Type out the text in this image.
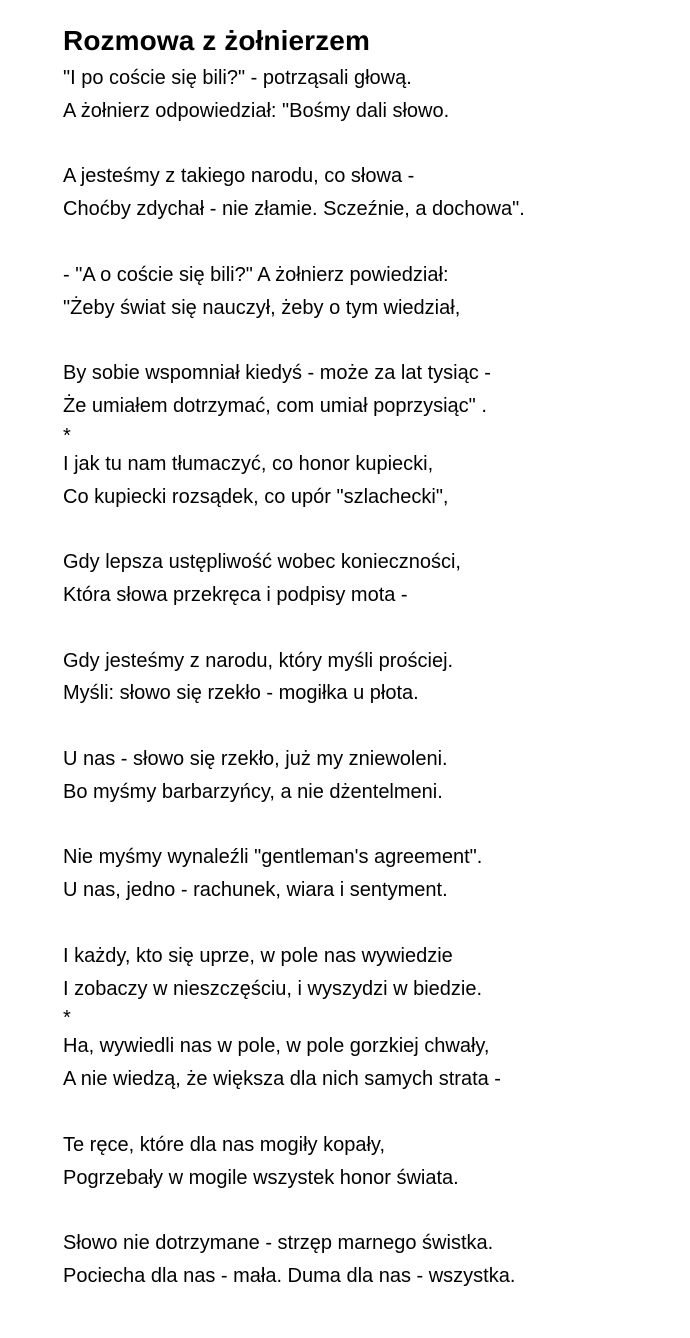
Rozmowa z żołnierzem
"I po coście się bili?" - potrząsali głową.
A żołnierz odpowiedział: "Bośmy dali słowo.
A jesteśmy z takiego narodu, co słowa -
Choćby zdychał - nie złamie. Sczeźnie, a dochowa".
- "A o coście się bili?" A żołnierz powiedział:
"Żeby świat się nauczył, żeby o tym wiedział,
By sobie wspomniał kiedyś - może za lat tysiąc -
Że umiałem dotrzymać, com umiał poprzysiąc" .
*
I jak tu nam tłumaczyć, co honor kupiecki,
Co kupiecki rozsądek, co upór "szlachecki",
Gdy lepsza ustępliwość wobec konieczności,
Która słowa przekręca i podpisy mota -
Gdy jesteśmy z narodu, który myśli prościej.
Myśli: słowo się rzekło - mogiłka u płota.
U nas - słowo się rzekło, już my zniewoleni.
Bo myśmy barbarzyńcy, a nie dżentelmeni.
Nie myśmy wynaleźli "gentleman's agreement".
U nas, jedno - rachunek, wiara i sentyment.
I każdy, kto się uprze, w pole nas wywiedzie
I zobaczy w nieszczęściu, i wyszydzi w biedzie.
*
Ha, wywiedli nas w pole, w pole gorzkiej chwały,
A nie wiedzą, że większa dla nich samych strata -
Te ręce, które dla nas mogiły kopały,
Pogrzebały w mogile wszystek honor świata.
Słowo nie dotrzymane - strzęp marnego świstka.
Pociecha dla nas - mała. Duma dla nas - wszystka.
